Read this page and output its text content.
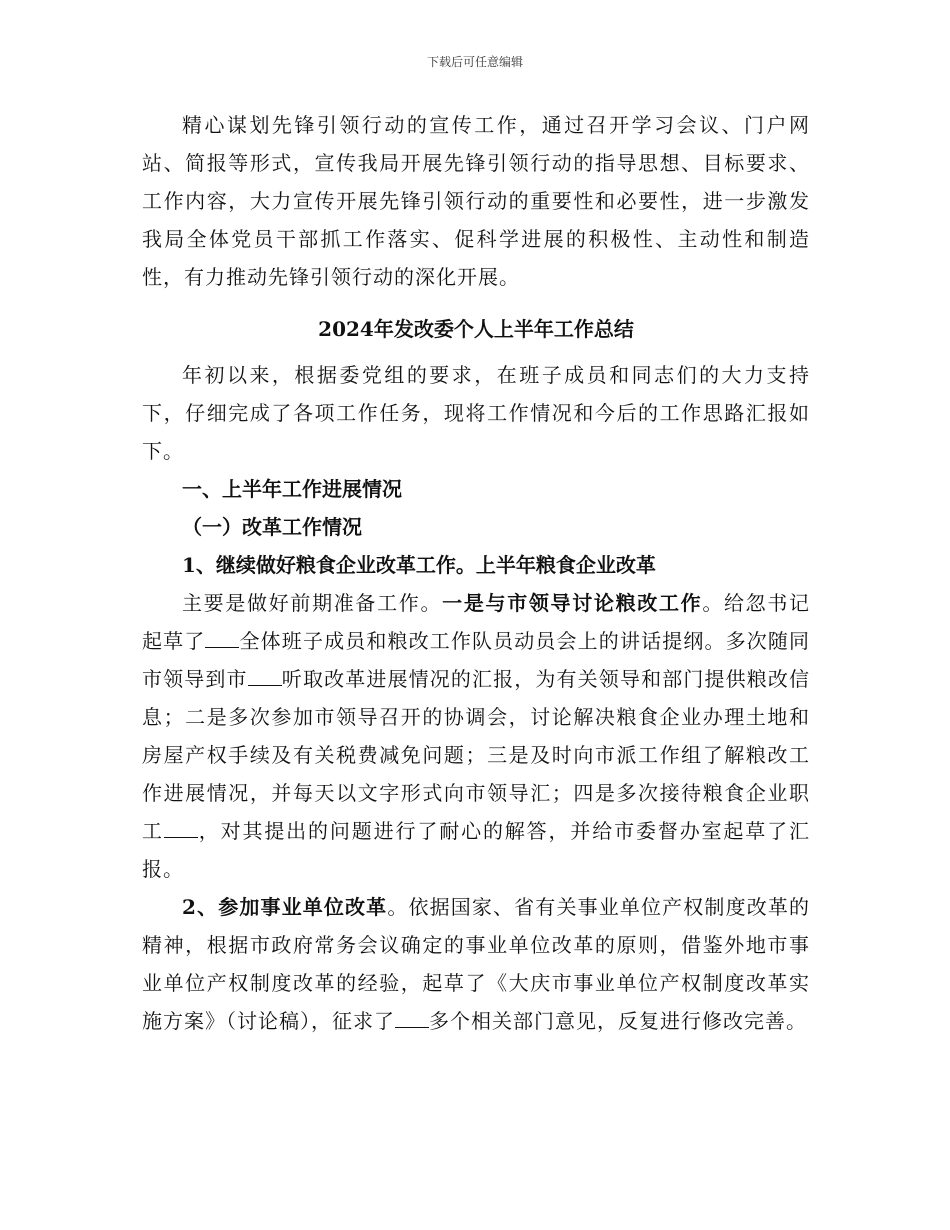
下载后可任意编辑

精心谋划先锋引领行动的宣传工作，通过召开学习会议、门户网站、简报等形式，宣传我局开展先锋引领行动的指导思想、目标要求、工作内容，大力宣传开展先锋引领行动的重要性和必要性，进一步激发我局全体党员干部抓工作落实、促科学进展的积极性、主动性和制造性，有力推动先锋引领行动的深化开展。

2024年发改委个人上半年工作总结

年初以来，根据委党组的要求，在班子成员和同志们的大力支持下，仔细完成了各项工作任务，现将工作情况和今后的工作思路汇报如下。

一、上半年工作进展情况
（一）改革工作情况
1、继续做好粮食企业改革工作。上半年粮食企业改革

主要是做好前期准备工作。一是与市领导讨论粮改工作。给忽书记起草了 全体班子成员和粮改工作队员动员会上的讲话提纲。多次随同市领导到市 听取改革进展情况的汇报，为有关领导和部门提供粮改信息；二是多次参加市领导召开的协调会，讨论解决粮食企业办理土地和房屋产权手续及有关税费减免问题；三是及时向市派工作组了解粮改工作进展情况，并每天以文字形式向市领导汇；四是多次接待粮食企业职工 ，对其提出的问题进行了耐心的解答，并给市委督办室起草了汇报。

2、参加事业单位改革。依据国家、省有关事业单位产权制度改革的精神，根据市政府常务会议确定的事业单位改革的原则，借鉴外地市事业单位产权制度改革的经验，起草了《大庆市事业单位产权制度改革实施方案》（讨论稿），征求了 多个相关部门意见，反复进行修改完善。
